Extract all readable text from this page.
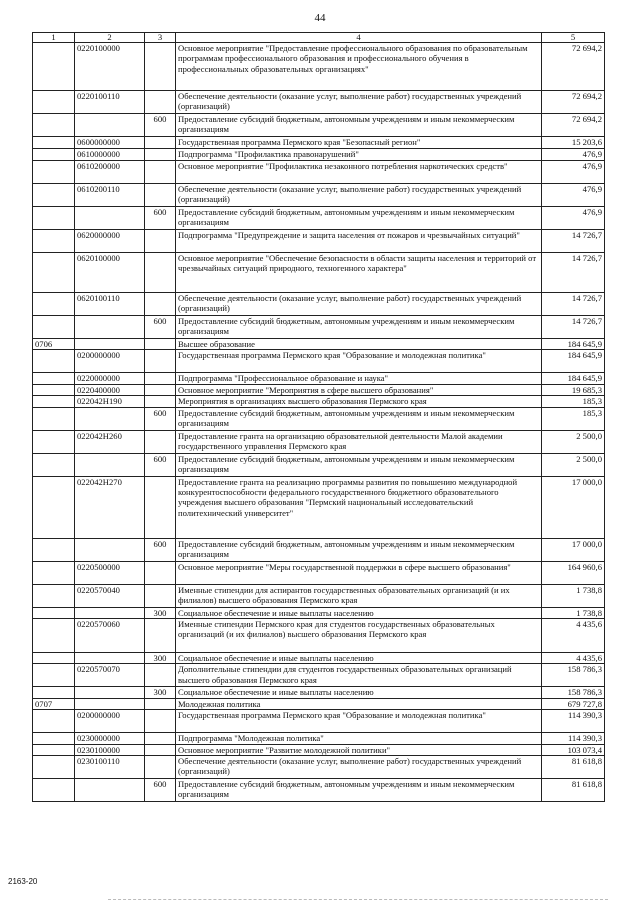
44
1	2	3	4	5
	0220100000		Основное мероприятие "Предоставление профессионального образования по образовательным программам профессионального образования и профессионального обучения в профессиональных образовательных организациях"	72 694,2
	0220100110		Обеспечение деятельности (оказание услуг, выполнение работ) государственных учреждений (организаций)	72 694,2
		600	Предоставление субсидий бюджетным, автономным учреждениям и иным некоммерческим организациям	72 694,2
	0600000000		Государственная программа Пермского края "Безопасный регион"	15 203,6
	0610000000		Подпрограмма "Профилактика правонарушений"	476,9
	0610200000		Основное мероприятие "Профилактика незаконного потребления наркотических средств"	476,9
	0610200110		Обеспечение деятельности (оказание услуг, выполнение работ) государственных учреждений (организаций)	476,9
		600	Предоставление субсидий бюджетным, автономным учреждениям и иным некоммерческим организациям	476,9
	0620000000		Подпрограмма "Предупреждение и защита населения от пожаров и чрезвычайных ситуаций"	14 726,7
	0620100000		Основное мероприятие "Обеспечение безопасности в области защиты населения и территорий от чрезвычайных ситуаций природного, техногенного характера"	14 726,7
	0620100110		Обеспечение деятельности (оказание услуг, выполнение работ) государственных учреждений (организаций)	14 726,7
		600	Предоставление субсидий бюджетным, автономным учреждениям и иным некоммерческим организациям	14 726,7
0706			Высшее образование	184 645,9
	0200000000		Государственная программа Пермского края "Образование и молодежная политика"	184 645,9
	0220000000		Подпрограмма "Профессиональное образование и наука"	184 645,9
	0220400000		Основное мероприятие "Мероприятия в сфере высшего образования"	19 685,3
	022042Н190		Мероприятия в организациях высшего образования Пермского края	185,3
		600	Предоставление субсидий бюджетным, автономным учреждениям и иным некоммерческим организациям	185,3
	022042Н260		Предоставление гранта на организацию образовательной деятельности Малой академии государственного управления Пермского края	2 500,0
		600	Предоставление субсидий бюджетным, автономным учреждениям и иным некоммерческим организациям	2 500,0
	022042Н270		Предоставление гранта на реализацию программы развития по повышению международной конкурентоспособности федерального государственного бюджетного образовательного учреждения высшего образования "Пермский национальный исследовательский политехнический университет"	17 000,0
		600	Предоставление субсидий бюджетным, автономным учреждениям и иным некоммерческим организациям	17 000,0
	0220500000		Основное мероприятие "Меры государственной поддержки в сфере высшего образования"	164 960,6
	0220570040		Именные стипендии для аспирантов государственных образовательных организаций (и их филиалов) высшего образования Пермского края	1 738,8
		300	Социальное обеспечение и иные выплаты населению	1 738,8
	0220570060		Именные стипендии Пермского края для студентов государственных образовательных организаций (и их филиалов) высшего образования Пермского края	4 435,6
		300	Социальное обеспечение и иные выплаты населению	4 435,6
	0220570070		Дополнительные стипендии для студентов государственных образовательных организаций высшего образования Пермского края	158 786,3
		300	Социальное обеспечение и иные выплаты населению	158 786,3
0707			Молодежная политика	679 727,8
	0200000000		Государственная программа Пермского края "Образование и молодежная политика"	114 390,3
	0230000000		Подпрограмма "Молодежная политика"	114 390,3
	0230100000		Основное мероприятие "Развитие молодежной политики"	103 073,4
	0230100110		Обеспечение деятельности (оказание услуг, выполнение работ) государственных учреждений (организаций)	81 618,8
		600	Предоставление субсидий бюджетным, автономным учреждениям и иным некоммерческим организациям	81 618,8
2163-20
